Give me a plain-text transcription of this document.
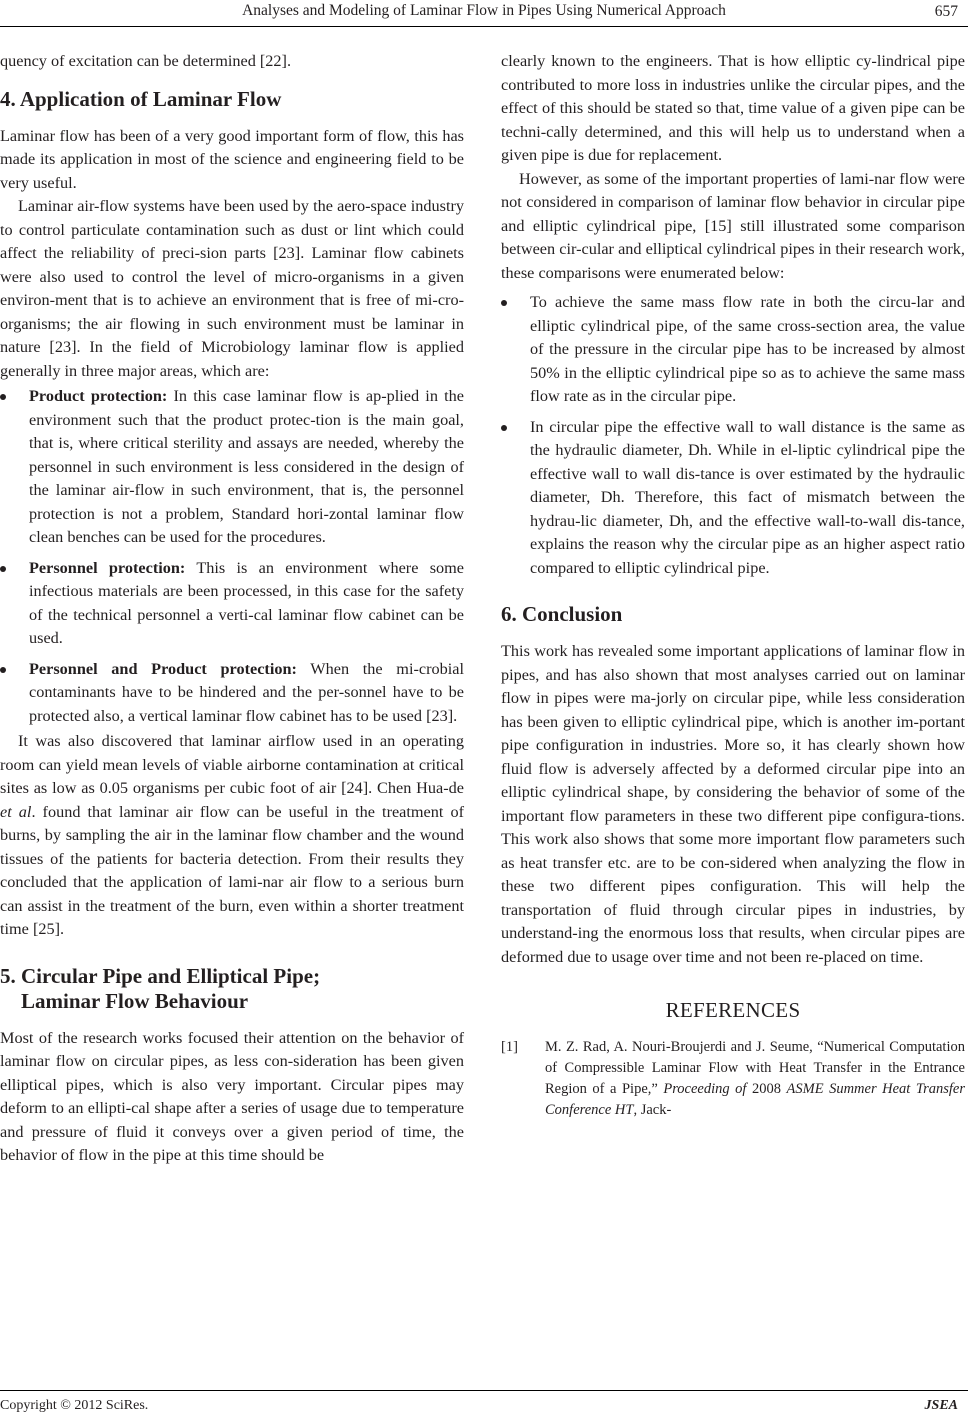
Analyses and Modeling of Laminar Flow in Pipes Using Numerical Approach	657

quency of excitation can be determined [22].

4. Application of Laminar Flow

Laminar flow has been of a very good important form of flow, this has made its application in most of the science and engineering field to be very useful.

Laminar air-flow systems have been used by the aero-space industry to control particulate contamination such as dust or lint which could affect the reliability of preci-sion parts [23]. Laminar flow cabinets were also used to control the level of micro-organisms in a given environ-ment that is to achieve an environment that is free of mi-cro-organisms; the air flowing in such environment must be laminar in nature [23]. In the field of Microbiology laminar flow is applied generally in three major areas, which are:

Product protection: In this case laminar flow is ap-plied in the environment such that the product protec-tion is the main goal, that is, where critical sterility and assays are needed, whereby the personnel in such environment is less considered in the design of the laminar air-flow in such environment, that is, the personnel protection is not a problem, Standard hori-zontal laminar flow clean benches can be used for the procedures.
Personnel protection: This is an environment where some infectious materials are been processed, in this case for the safety of the technical personnel a verti-cal laminar flow cabinet can be used.
Personnel and Product protection: When the mi-crobial contaminants have to be hindered and the per-sonnel have to be protected also, a vertical laminar flow cabinet has to be used [23].

It was also discovered that laminar airflow used in an operating room can yield mean levels of viable airborne contamination at critical sites as low as 0.05 organisms per cubic foot of air [24]. Chen Hua-de et al. found that laminar air flow can be useful in the treatment of burns, by sampling the air in the laminar flow chamber and the wound tissues of the patients for bacteria detection. From their results they concluded that the application of lami-nar air flow to a serious burn can assist in the treatment of the burn, even within a shorter treatment time [25].

5. Circular Pipe and Elliptical Pipe;
Laminar Flow Behaviour

Most of the research works focused their attention on the behavior of laminar flow on circular pipes, as less con-sideration has been given elliptical pipes, which is also very important. Circular pipes may deform to an ellipti-cal shape after a series of usage due to temperature and pressure of fluid it conveys over a given period of time, the behavior of flow in the pipe at this time should be

clearly known to the engineers. That is how elliptic cy-lindrical pipe contributed to more loss in industries unlike the circular pipes, and the effect of this should be stated so that, time value of a given pipe can be techni-cally determined, and this will help us to understand when a given pipe is due for replacement.

However, as some of the important properties of lami-nar flow were not considered in comparison of laminar flow behavior in circular pipe and elliptic cylindrical pipe, [15] still illustrated some comparison between cir-cular and elliptical cylindrical pipes in their research work, these comparisons were enumerated below:

To achieve the same mass flow rate in both the circu-lar and elliptic cylindrical pipe, of the same cross-section area, the value of the pressure in the circular pipe has to be increased by almost 50% in the elliptic cylindrical pipe so as to achieve the same mass flow rate as in the circular pipe.
In circular pipe the effective wall to wall distance is the same as the hydraulic diameter, Dh. While in el-liptic cylindrical pipe the effective wall to wall dis-tance is over estimated by the hydraulic diameter, Dh. Therefore, this fact of mismatch between the hydrau-lic diameter, Dh, and the effective wall-to-wall dis-tance, explains the reason why the circular pipe as an higher aspect ratio compared to elliptic cylindrical pipe.
6. Conclusion

This work has revealed some important applications of laminar flow in pipes, and has also shown that most analyses carried out on laminar flow in pipes were ma-jorly on circular pipe, while less consideration has been given to elliptic cylindrical pipe, which is another im-portant pipe configuration in industries. More so, it has clearly shown how fluid flow is adversely affected by a deformed circular pipe into an elliptic cylindrical shape, by considering the behavior of some of the important flow parameters in these two different pipe configura-tions. This work also shows that some more important flow parameters such as heat transfer etc. are to be con-sidered when analyzing the flow in these two different pipes configuration. This will help the transportation of fluid through circular pipes in industries, by understand-ing the enormous loss that results, when circular pipes are deformed due to usage over time and not been re-placed on time.

REFERENCES
[1] M. Z. Rad, A. Nouri-Broujerdi and J. Seume, “Numerical Computation of Compressible Laminar Flow with Heat Transfer in the Entrance Region of a Pipe,” Proceeding of 2008 ASME Summer Heat Transfer Conference HT, Jack-
Copyright © 2012 SciRes.	JSEA
